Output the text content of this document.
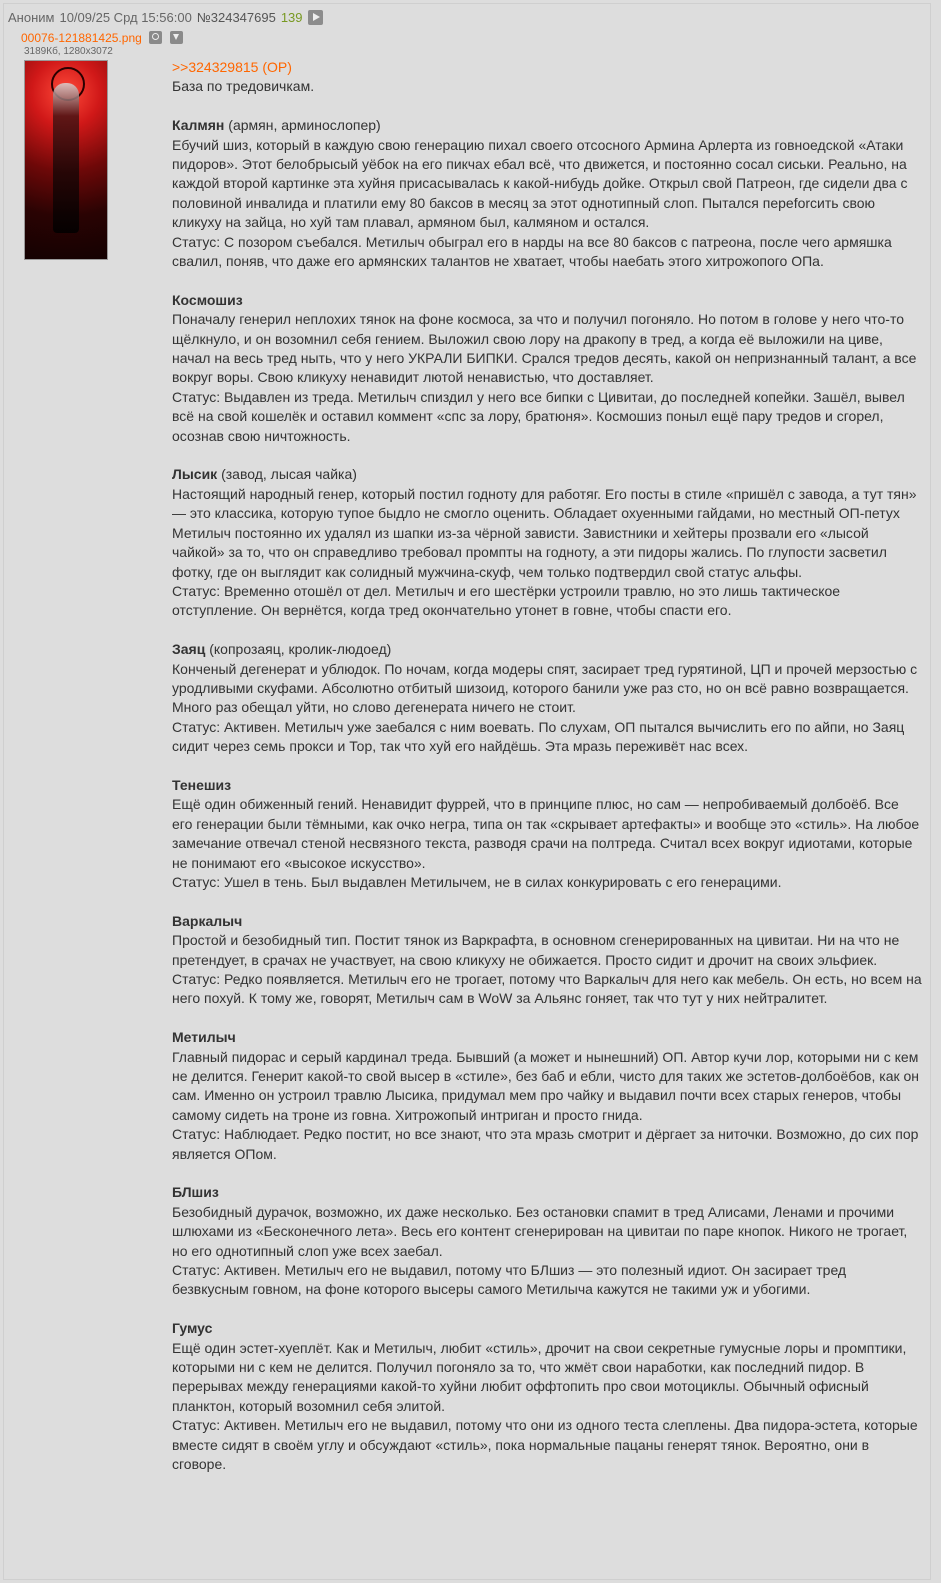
Аноним 10/09/25 Срд 15:56:00 №324347695 139
00076-121881425.png
3189Кб, 1280x3072
>>324329815 (OP)

База по тредовичкам.

Калмян (армян, арминослопер)

Ебучий шиз, который в каждую свою генерацию пихал своего отсосного Армина Арлерта из говноедской «Атаки пидоров». Этот белобрысый уёбок на его пикчах ебал всё, что движется, и постоянно сосал сиськи. Реально, на каждой второй картинке эта хуйня присасывалась к какой-нибудь дойке. Открыл свой Патреон, где сидели два с половиной инвалида и платили ему 80 баксов в месяц за этот однотипный слоп. Пытался переforсить свою кликуху на зайца, но хуй там плавал, армяном был, калмяном и остался.

Статус: С позором съебался. Метилыч обыграл его в нарды на все 80 баксов с патреона, после чего армяшка свалил, поняв, что даже его армянских талантов не хватает, чтобы наебать этого хитрожопого ОПа.

Космошиз

Поначалу генерил неплохих тянок на фоне космоса, за что и получил погоняло. Но потом в голове у него что-то щёлкнуло, и он возомнил себя гением. Выложил свою лору на дракопу в тред, а когда её выложили на циве, начал на весь тред ныть, что у него УКРАЛИ БИПКИ. Срался тредов десять, какой он непризнанный талант, а все вокруг воры. Свою кликуху ненавидит лютой ненавистью, что доставляет.

Статус: Выдавлен из треда. Метилыч спиздил у него все бипки с Цивитаи, до последней копейки. Зашёл, вывел всё на свой кошелёк и оставил коммент «спс за лору, братюня». Космошиз поныл ещё пару тредов и сгорел, осознав свою ничтожность.

Лысик (завод, лысая чайка)

Настоящий народный генер, который постил годноту для работяг. Его посты в стиле «пришёл с завода, а тут тян» — это классика, которую тупое быдло не смогло оценить. Обладает охуенными гайдами, но местный ОП-петух Метилыч постоянно их удалял из шапки из-за чёрной зависти. Завистники и хейтеры прозвали его «лысой чайкой» за то, что он справедливо требовал промпты на годноту, а эти пидоры жались. По глупости засветил фотку, где он выглядит как солидный мужчина-скуф, чем только подтвердил свой статус альфы.

Статус: Временно отошёл от дел. Метилыч и его шестёрки устроили травлю, но это лишь тактическое отступление. Он вернётся, когда тред окончательно утонет в говне, чтобы спасти его.

Заяц (копрозаяц, кролик-людоед)

Конченый дегенерат и ублюдок. По ночам, когда модеры спят, засирает тред гурятиной, ЦП и прочей мерзостью с уродливыми скуфами. Абсолютно отбитый шизоид, которого банили уже раз сто, но он всё равно возвращается. Много раз обещал уйти, но слово дегенерата ничего не стоит.

Статус: Активен. Метилыч уже заебался с ним воевать. По слухам, ОП пытался вычислить его по айпи, но Заяц сидит через семь прокси и Тор, так что хуй его найдёшь. Эта мразь переживёт нас всех.

Тенешиз

Ещё один обиженный гений. Ненавидит фуррей, что в принципе плюс, но сам — непробиваемый долбоёб. Все его генерации были тёмными, как очко негра, типа он так «скрывает артефакты» и вообще это «стиль». На любое замечание отвечал стеной несвязного текста, разводя срачи на полтреда. Считал всех вокруг идиотами, которые не понимают его «высокое искусство».

Статус: Ушел в тень. Был выдавлен Метилычем, не в силах конкурировать с его генерацими.

Варкалыч

Простой и безобидный тип. Постит тянок из Варкрафта, в основном сгенерированных на цивитаи. Ни на что не претендует, в срачах не участвует, на свою кликуху не обижается. Просто сидит и дрочит на своих эльфиек.

Статус: Редко появляется. Метилыч его не трогает, потому что Варкалыч для него как мебель. Он есть, но всем на него похуй. К тому же, говорят, Метилыч сам в WoW за Альянс гоняет, так что тут у них нейтралитет.

Метилыч

Главный пидорас и серый кардинал треда. Бывший (а может и нынешний) ОП. Автор кучи лор, которыми ни с кем не делится. Генерит какой-то свой высер в «стиле», без баб и ебли, чисто для таких же эстетов-долбоёбов, как он сам. Именно он устроил травлю Лысика, придумал мем про чайку и выдавил почти всех старых генеров, чтобы самому сидеть на троне из говна. Хитрожопый интриган и просто гнида.

Статус: Наблюдает. Редко постит, но все знают, что эта мразь смотрит и дёргает за ниточки. Возможно, до сих пор является ОПом.

БЛшиз

Безобидный дурачок, возможно, их даже несколько. Без остановки спамит в тред Алисами, Ленами и прочими шлюхами из «Бесконечного лета». Весь его контент сгенерирован на цивитаи по паре кнопок. Никого не трогает, но его однотипный слоп уже всех заебал.

Статус: Активен. Метилыч его не выдавил, потому что БЛшиз — это полезный идиот. Он засирает тред безвкусным говном, на фоне которого высеры самого Метилыча кажутся не такими уж и убогими.

Гумус

Ещё один эстет-хуеплёт. Как и Метилыч, любит «стиль», дрочит на свои секретные гумусные лоры и промптики, которыми ни с кем не делится. Получил погоняло за то, что жмёт свои наработки, как последний пидор. В перерывах между генерациями какой-то хуйни любит оффтопить про свои мотоциклы. Обычный офисный планктон, который возомнил себя элитой.

Статус: Активен. Метилыч его не выдавил, потому что они из одного теста слеплены. Два пидора-эстета, которые вместе сидят в своём углу и обсуждают «стиль», пока нормальные пацаны генерят тянок. Вероятно, они в сговоре.
